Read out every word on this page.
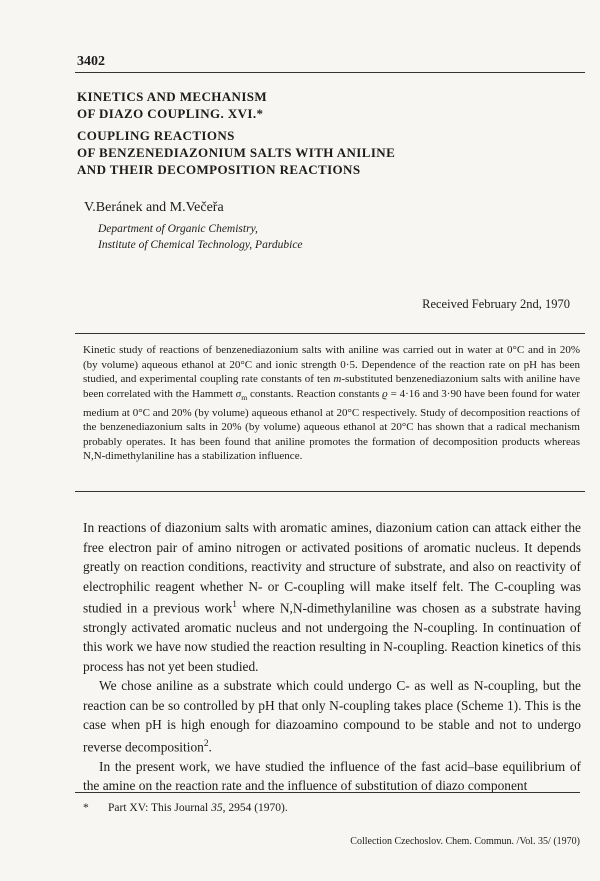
3402
KINETICS AND MECHANISM
OF DIAZO COUPLING. XVI.*
COUPLING REACTIONS
OF BENZENEDIAZONIUM SALTS WITH ANILINE
AND THEIR DECOMPOSITION REACTIONS
V.Beránek and M.Večeřa
Department of Organic Chemistry,
Institute of Chemical Technology, Pardubice
Received February 2nd, 1970

Kinetic study of reactions of benzenediazonium salts with aniline was carried out in water at 0°C and in 20% (by volume) aqueous ethanol at 20°C and ionic strength 0·5. Dependence of the reaction rate on pH has been studied, and experimental coupling rate constants of ten m-substituted benzenediazonium salts with aniline have been correlated with the Hammett $\sigma_m$ constants. Reaction constants ϱ = 4·16 and 3·90 have been found for water medium at 0°C and 20% (by volume) aqueous ethanol at 20°C respectively. Study of decomposition reactions of the benzenediazonium salts in 20% (by volume) aqueous ethanol at 20°C has shown that a radical mechanism probably operates. It has been found that aniline promotes the formation of decomposition products whereas N,N-dimethylaniline has a stabilization influence.

In reactions of diazonium salts with aromatic amines, diazonium cation can attack either the free electron pair of amino nitrogen or activated positions of aromatic nucleus. It depends greatly on reaction conditions, reactivity and structure of substrate, and also on reactivity of electrophilic reagent whether N- or C-coupling will make itself felt. The C-coupling was studied in a previous work$^1$ where N,N-dimethylaniline was chosen as a substrate having strongly activated aromatic nucleus and not undergoing the N-coupling. In continuation of this work we have now studied the reaction resulting in N-coupling. Reaction kinetics of this process has not yet been studied.

We chose aniline as a substrate which could undergo C- as well as N-coupling, but the reaction can be so controlled by pH that only N-coupling takes place (Scheme 1). This is the case when pH is high enough for diazoamino compound to be stable and not to undergo reverse decomposition$^2$.

In the present work, we have studied the influence of the fast acid–base equilibrium of the amine on the reaction rate and the influence of substitution of diazo component

* Part XV: This Journal 35, 2954 (1970).
Collection Czechoslov. Chem. Commun. /Vol. 35/ (1970)
